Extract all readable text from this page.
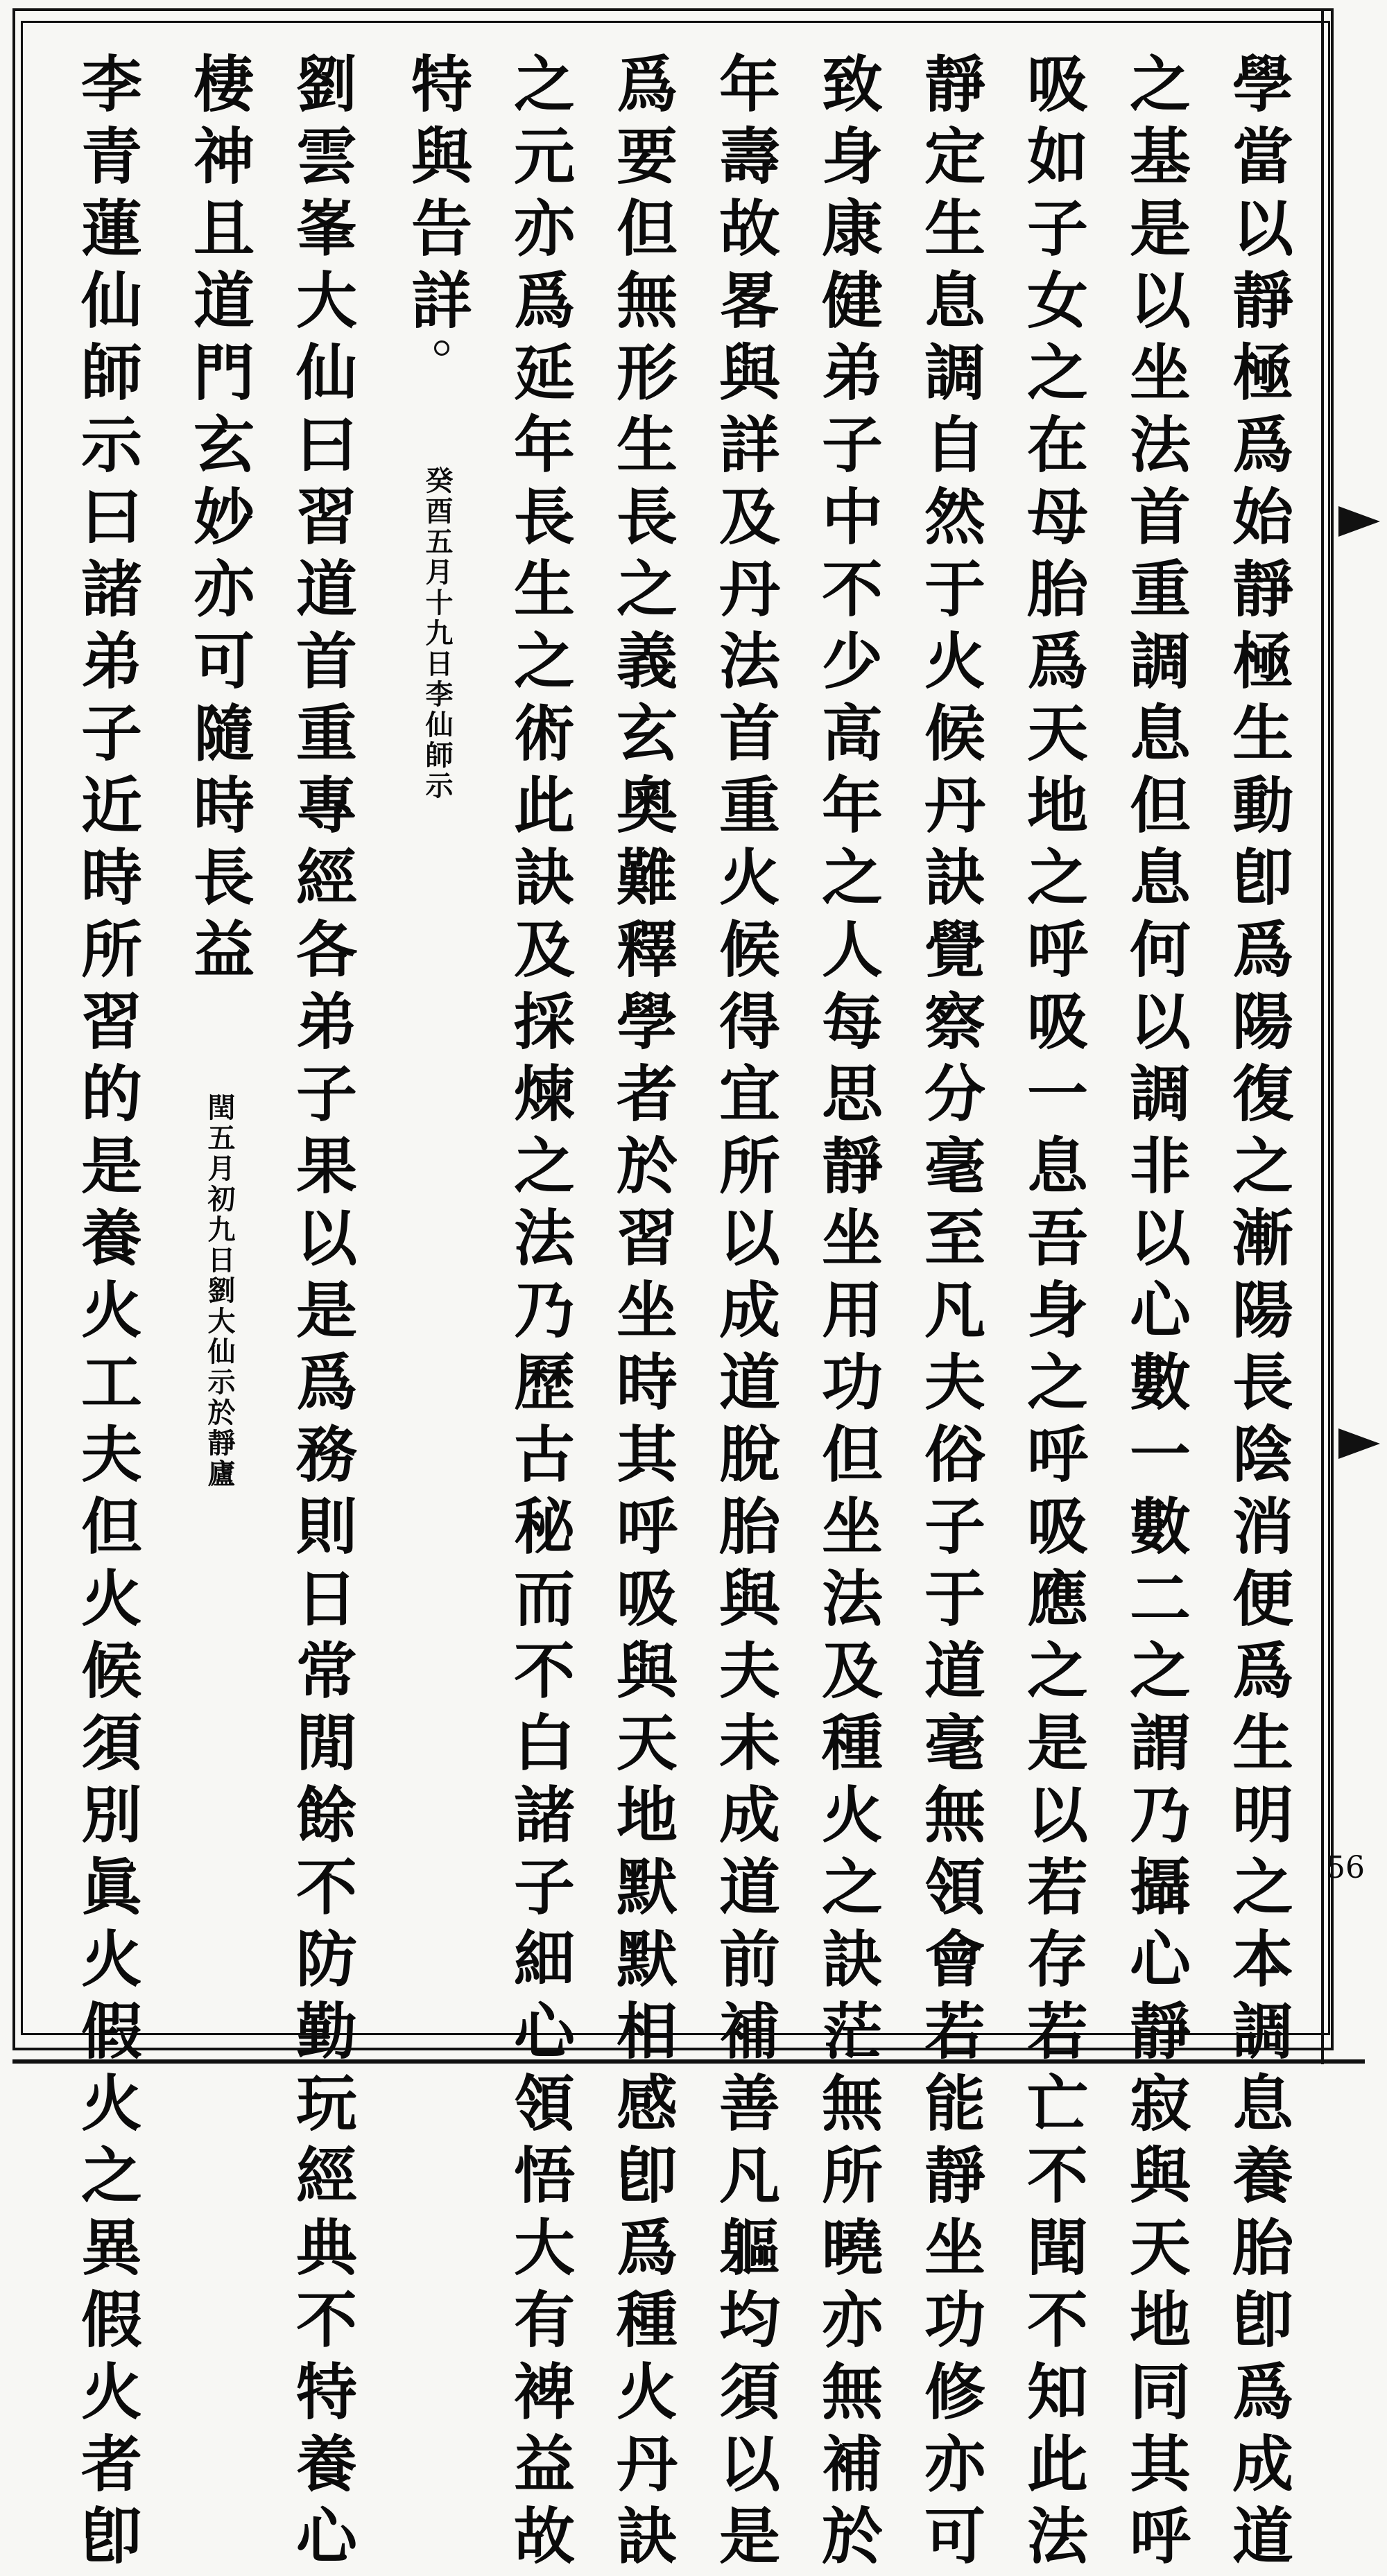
56
學當以靜極爲始靜極生動卽爲陽復之漸陽長陰消便爲生明之本調息養胎卽爲成道
之基是以坐法首重調息但息何以調非以心數一數二之謂乃攝心靜寂與天地同其呼
吸如子女之在母胎爲天地之呼吸一息吾身之呼吸應之是以若存若亡不聞不知此法
靜定生息調自然于火候丹訣覺察分毫至凡夫俗子于道毫無領會若能靜坐功修亦可
致身康健弟子中不少高年之人每思靜坐用功但坐法及種火之訣茫無所曉亦無補於
年壽故畧與詳及丹法首重火候得宜所以成道脫胎與夫未成道前補善凡軀均須以是
爲要但無形生長之義玄奧難釋學者於習坐時其呼吸與天地默默相感卽爲種火丹訣
之元亦爲延年長生之術此訣及採煉之法乃歷古秘而不白諸子細心領悟大有裨益故
特與告詳 癸酉五月十九日李仙師示
劉雲峯大仙曰習道首重專經各弟子果以是爲務則日常閒餘不防勤玩經典不特養心
棲神且道門玄妙亦可隨時長益 閏五月初九日劉大仙示於靜廬
李青蓮仙師示曰諸弟子近時所習的是養火工夫但火候須別眞火假火之異假火者卽
